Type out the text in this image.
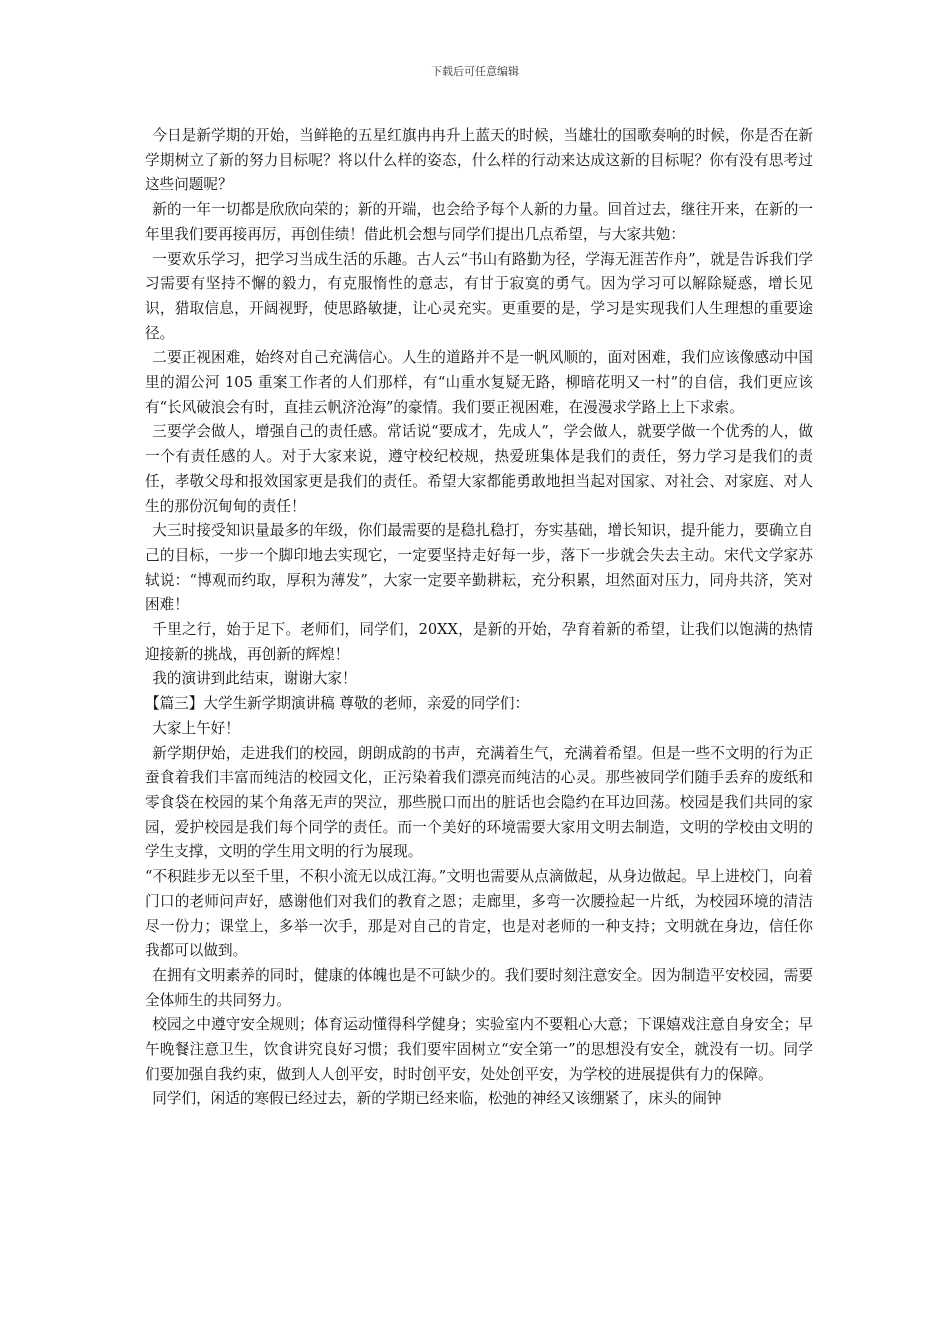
下载后可任意编辑

今日是新学期的开始，当鲜艳的五星红旗冉冉升上蓝天的时候，当雄壮的国歌奏响的时候，你是否在新学期树立了新的努力目标呢？将以什么样的姿态，什么样的行动来达成这新的目标呢？你有没有思考过这些问题呢？

新的一年一切都是欣欣向荣的；新的开端，也会给予每个人新的力量。回首过去，继往开来，在新的一年里我们要再接再厉，再创佳绩！借此机会想与同学们提出几点希望，与大家共勉：

一要欢乐学习，把学习当成生活的乐趣。古人云“书山有路勤为径，学海无涯苦作舟”，就是告诉我们学习需要有坚持不懈的毅力，有克服惰性的意志，有甘于寂寞的勇气。因为学习可以解除疑惑，增长见识，猎取信息，开阔视野，使思路敏捷，让心灵充实。更重要的是，学习是实现我们人生理想的重要途径。

二要正视困难，始终对自己充满信心。人生的道路并不是一帆风顺的，面对困难，我们应该像感动中国里的湄公河 105 重案工作者的人们那样，有“山重水复疑无路，柳暗花明又一村”的自信，我们更应该有“长风破浪会有时，直挂云帆济沧海”的豪情。我们要正视困难，在漫漫求学路上上下求索。

三要学会做人，增强自己的责任感。常话说“要成才，先成人”，学会做人，就要学做一个优秀的人，做一个有责任感的人。对于大家来说，遵守校纪校规，热爱班集体是我们的责任，努力学习是我们的责任，孝敬父母和报效国家更是我们的责任。希望大家都能勇敢地担当起对国家、对社会、对家庭、对人生的那份沉甸甸的责任！

大三时接受知识量最多的年级，你们最需要的是稳扎稳打，夯实基础，增长知识，提升能力，要确立自己的目标，一步一个脚印地去实现它，一定要坚持走好每一步，落下一步就会失去主动。宋代文学家苏轼说：“博观而约取，厚积为薄发”，大家一定要辛勤耕耘，充分积累，坦然面对压力，同舟共济，笑对困难！

千里之行，始于足下。老师们，同学们，20XX，是新的开始，孕育着新的希望，让我们以饱满的热情迎接新的挑战，再创新的辉煌！

我的演讲到此结束，谢谢大家！

【篇三】大学生新学期演讲稿 尊敬的老师，亲爱的同学们：

大家上午好！

新学期伊始，走进我们的校园，朗朗成韵的书声，充满着生气，充满着希望。但是一些不文明的行为正蚕食着我们丰富而纯洁的校园文化，正污染着我们漂亮而纯洁的心灵。那些被同学们随手丢弃的废纸和零食袋在校园的某个角落无声的哭泣，那些脱口而出的脏话也会隐约在耳边回荡。校园是我们共同的家园，爱护校园是我们每个同学的责任。而一个美好的环境需要大家用文明去制造，文明的学校由文明的学生支撑，文明的学生用文明的行为展现。

“不积跬步无以至千里，不积小流无以成江海。”文明也需要从点滴做起，从身边做起。早上进校门，向着门口的老师问声好，感谢他们对我们的教育之恩；走廊里，多弯一次腰捡起一片纸，为校园环境的清洁尽一份力；课堂上，多举一次手，那是对自己的肯定，也是对老师的一种支持；文明就在身边，信任你我都可以做到。

在拥有文明素养的同时，健康的体魄也是不可缺少的。我们要时刻注意安全。因为制造平安校园，需要全体师生的共同努力。

校园之中遵守安全规则；体育运动懂得科学健身；实验室内不要粗心大意；下课嬉戏注意自身安全；早午晚餐注意卫生，饮食讲究良好习惯；我们要牢固树立“安全第一”的思想没有安全，就没有一切。同学们要加强自我约束，做到人人创平安，时时创平安，处处创平安，为学校的进展提供有力的保障。

同学们，闲适的寒假已经过去，新的学期已经来临，松弛的神经又该绷紧了，床头的闹钟
